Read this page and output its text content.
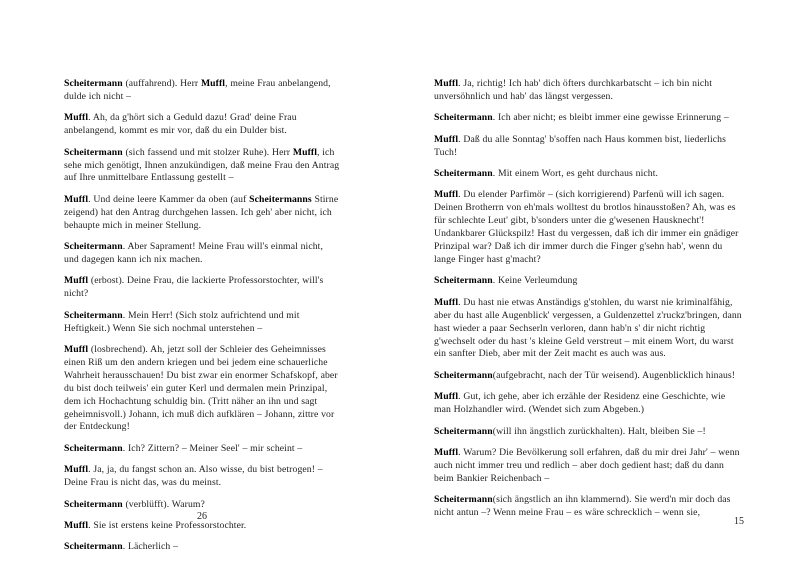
Scheitermann (auffahrend). Herr Muffl, meine Frau anbelangend, dulde ich nicht –

Muffl. Ah, da g'hört sich a Geduld dazu! Grad' deine Frau anbelangend, kommt es mir vor, daß du ein Dulder bist.

Scheitermann (sich fassend und mit stolzer Ruhe). Herr Muffl, ich sehe mich genötigt, Ihnen anzukündigen, daß meine Frau den Antrag auf Ihre unmittelbare Entlassung gestellt –

Muffl. Und deine leere Kammer da oben (auf Scheitermanns Stirne zeigend) hat den Antrag durchgehen lassen. Ich geh' aber nicht, ich behaupte mich in meiner Stellung.

Scheitermann. Aber Saprament! Meine Frau will's einmal nicht, und dagegen kann ich nix machen.

Muffl (erbost). Deine Frau, die lackierte Professorstochter, will's nicht?

Scheitermann. Mein Herr! (Sich stolz aufrichtend und mit Heftigkeit.) Wenn Sie sich nochmal unterstehen –

Muffl (losbrechend). Ah, jetzt soll der Schleier des Geheimnisses einen Riß um den andern kriegen und bei jedem eine schauerliche Wahrheit herausschauen! Du bist zwar ein enormer Schafskopf, aber du bist doch teilweis' ein guter Kerl und dermalen mein Prinzipal, dem ich Hochachtung schuldig bin. (Tritt näher an ihn und sagt geheimnisvoll.) Johann, ich muß dich aufklären – Johann, zittre vor der Entdeckung!

Scheitermann. Ich? Zittern? – Meiner Seel' – mir scheint –

Muffl. Ja, ja, du fangst schon an. Also wisse, du bist betrogen! – Deine Frau is nicht das, was du meinst.

Scheitermann (verblüfft). Warum?

Muffl. Sie ist erstens keine Professorstochter.

Scheitermann. Lächerlich –

26

Muffl. Ja, richtig! Ich hab' dich öfters durchkarbatscht – ich bin nicht unversöhnlich und hab' das längst vergessen.

Scheitermann. Ich aber nicht; es bleibt immer eine gewisse Erinnerung –

Muffl. Daß du alle Sonntag' b'soffen nach Haus kommen bist, liederlichs Tuch!

Scheitermann. Mit einem Wort, es geht durchaus nicht.

Muffl. Du elender Parfimör – (sich korrigierend) Parfenü will ich sagen. Deinen Brotherrn von eh'mals wolltest du brotlos hinausstoßen? Ah, was es für schlechte Leut' gibt, b'sonders unter die g'wesenen Hausknecht'! Undankbarer Glückspilz! Hast du vergessen, daß ich dir immer ein gnädiger Prinzipal war? Daß ich dir immer durch die Finger g'sehn hab', wenn du lange Finger hast g'macht?

Scheitermann. Keine Verleumdung

Muffl. Du hast nie etwas Anständigs g'stohlen, du warst nie kriminalfähig, aber du hast alle Augenblick' vergessen, a Guldenzettel z'ruckz'bringen, dann hast wieder a paar Sechserln verloren, dann hab'n s' dir nicht richtig g'wechselt oder du hast 's kleine Geld verstreut – mit einem Wort, du warst ein sanfter Dieb, aber mit der Zeit macht es auch was aus.

Scheitermann(aufgebracht, nach der Tür weisend). Augenblicklich hinaus!

Muffl. Gut, ich gehe, aber ich erzähle der Residenz eine Geschichte, wie man Holzhandler wird. (Wendet sich zum Abgeben.)

Scheitermann(will ihn ängstlich zurückhalten). Halt, bleiben Sie –!

Muffl. Warum? Die Bevölkerung soll erfahren, daß du mir drei Jahr' – wenn auch nicht immer treu und redlich – aber doch gedient hast; daß du dann beim Bankier Reichenbach –

Scheitermann(sich ängstlich an ihn klammernd). Sie werd'n mir doch das nicht antun –? Wenn meine Frau – es wäre schrecklich – wenn sie,

15
